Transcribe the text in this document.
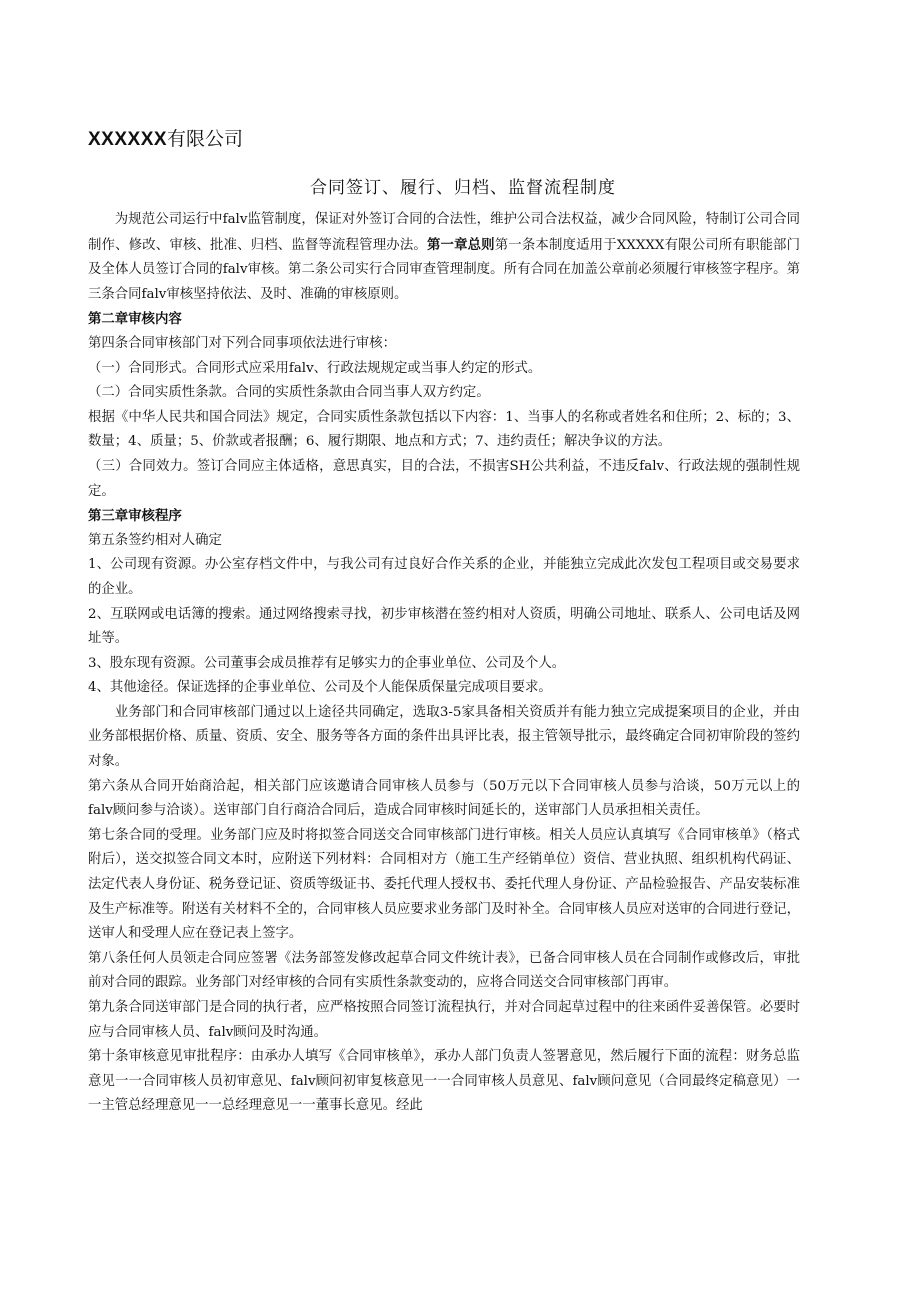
XXXXXX有限公司
合同签订、履行、归档、监督流程制度

为规范公司运行中falv监管制度，保证对外签订合同的合法性，维护公司合法权益，减少合同风险，特制订公司合同制作、修改、审核、批准、归档、监督等流程管理办法。第一章总则第一条本制度适用于XXXXX有限公司所有职能部门及全体人员签订合同的falv审核。第二条公司实行合同审查管理制度。所有合同在加盖公章前必须履行审核签字程序。第三条合同falv审核坚持依法、及时、准确的审核原则。

第二章审核内容

第四条合同审核部门对下列合同事项依法进行审核：

（一）合同形式。合同形式应采用falv、行政法规规定或当事人约定的形式。

（二）合同实质性条款。合同的实质性条款由合同当事人双方约定。

根据《中华人民共和国合同法》规定，合同实质性条款包括以下内容：1、当事人的名称或者姓名和住所；2、标的；3、数量；4、质量；5、价款或者报酬；6、履行期限、地点和方式；7、违约责任；解决争议的方法。

（三）合同效力。签订合同应主体适格，意思真实，目的合法，不损害SH公共利益，不违反falv、行政法规的强制性规定。

第三章审核程序

第五条签约相对人确定

1、公司现有资源。办公室存档文件中，与我公司有过良好合作关系的企业，并能独立完成此次发包工程项目或交易要求的企业。

2、互联网或电话簿的搜索。通过网络搜索寻找，初步审核潜在签约相对人资质，明确公司地址、联系人、公司电话及网址等。

3、股东现有资源。公司董事会成员推荐有足够实力的企事业单位、公司及个人。

4、其他途径。保证选择的企事业单位、公司及个人能保质保量完成项目要求。

业务部门和合同审核部门通过以上途径共同确定，选取3-5家具备相关资质并有能力独立完成提案项目的企业，并由业务部根据价格、质量、资质、安全、服务等各方面的条件出具评比表，报主管领导批示，最终确定合同初审阶段的签约对象。

第六条从合同开始商洽起，相关部门应该邀请合同审核人员参与（50万元以下合同审核人员参与洽谈，50万元以上的falv顾问参与洽谈）。送审部门自行商洽合同后，造成合同审核时间延长的，送审部门人员承担相关责任。

第七条合同的受理。业务部门应及时将拟签合同送交合同审核部门进行审核。相关人员应认真填写《合同审核单》（格式附后），送交拟签合同文本时，应附送下列材料：合同相对方（施工生产经销单位）资信、营业执照、组织机构代码证、法定代表人身份证、税务登记证、资质等级证书、委托代理人授权书、委托代理人身份证、产品检验报告、产品安装标准及生产标准等。附送有关材料不全的，合同审核人员应要求业务部门及时补全。合同审核人员应对送审的合同进行登记，送审人和受理人应在登记表上签字。

第八条任何人员领走合同应签署《法务部签发修改起草合同文件统计表》，已备合同审核人员在合同制作或修改后，审批前对合同的跟踪。业务部门对经审核的合同有实质性条款变动的，应将合同送交合同审核部门再审。

第九条合同送审部门是合同的执行者，应严格按照合同签订流程执行，并对合同起草过程中的往来函件妥善保管。必要时应与合同审核人员、falv顾问及时沟通。

第十条审核意见审批程序：由承办人填写《合同审核单》，承办人部门负责人签署意见，然后履行下面的流程：财务总监意见一一合同审核人员初审意见、falv顾问初审复核意见一一合同审核人员意见、falv顾问意见（合同最终定稿意见）一一主管总经理意见一一总经理意见一一董事长意见。经此
